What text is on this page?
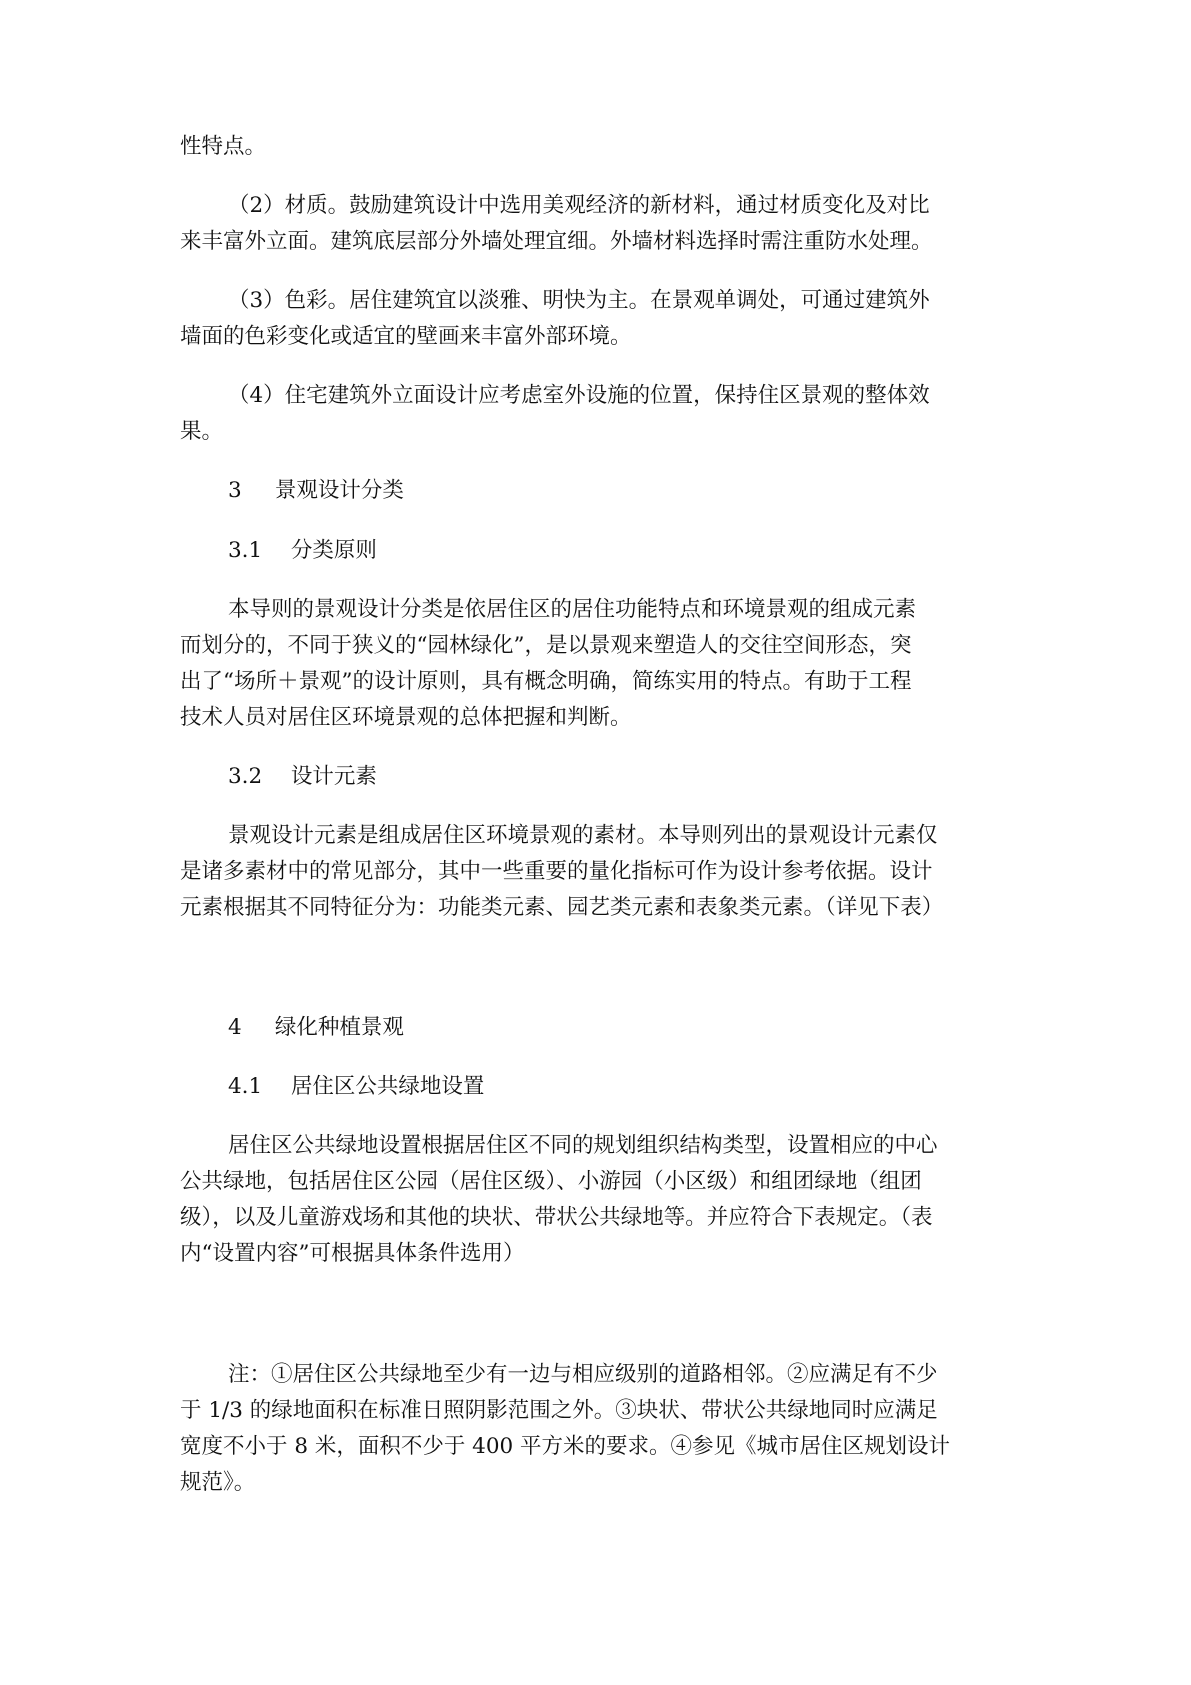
性特点。
（2）材质。鼓励建筑设计中选用美观经济的新材料，通过材质变化及对比
来丰富外立面。建筑底层部分外墙处理宜细。外墙材料选择时需注重防水处理。
（3）色彩。居住建筑宜以淡雅、明快为主。在景观单调处，可通过建筑外
墙面的色彩变化或适宜的壁画来丰富外部环境。
（4）住宅建筑外立面设计应考虑室外设施的位置，保持住区景观的整体效
果。
3 景观设计分类
3.1 分类原则
本导则的景观设计分类是依居住区的居住功能特点和环境景观的组成元素
而划分的，不同于狭义的“园林绿化”，是以景观来塑造人的交往空间形态，突
出了“场所＋景观”的设计原则，具有概念明确，简练实用的特点。有助于工程
技术人员对居住区环境景观的总体把握和判断。
3.2 设计元素
景观设计元素是组成居住区环境景观的素材。本导则列出的景观设计元素仅
是诸多素材中的常见部分，其中一些重要的量化指标可作为设计参考依据。设计
元素根据其不同特征分为：功能类元素、园艺类元素和表象类元素。（详见下表）
4 绿化种植景观
4.1 居住区公共绿地设置
居住区公共绿地设置根据居住区不同的规划组织结构类型，设置相应的中心
公共绿地，包括居住区公园（居住区级）、小游园（小区级）和组团绿地（组团
级），以及儿童游戏场和其他的块状、带状公共绿地等。并应符合下表规定。（表
内“设置内容”可根据具体条件选用）
注：①居住区公共绿地至少有一边与相应级别的道路相邻。②应满足有不少
于 1/3 的绿地面积在标准日照阴影范围之外。③块状、带状公共绿地同时应满足
宽度不小于 8 米，面积不少于 400 平方米的要求。④参见《城市居住区规划设计
规范》。
